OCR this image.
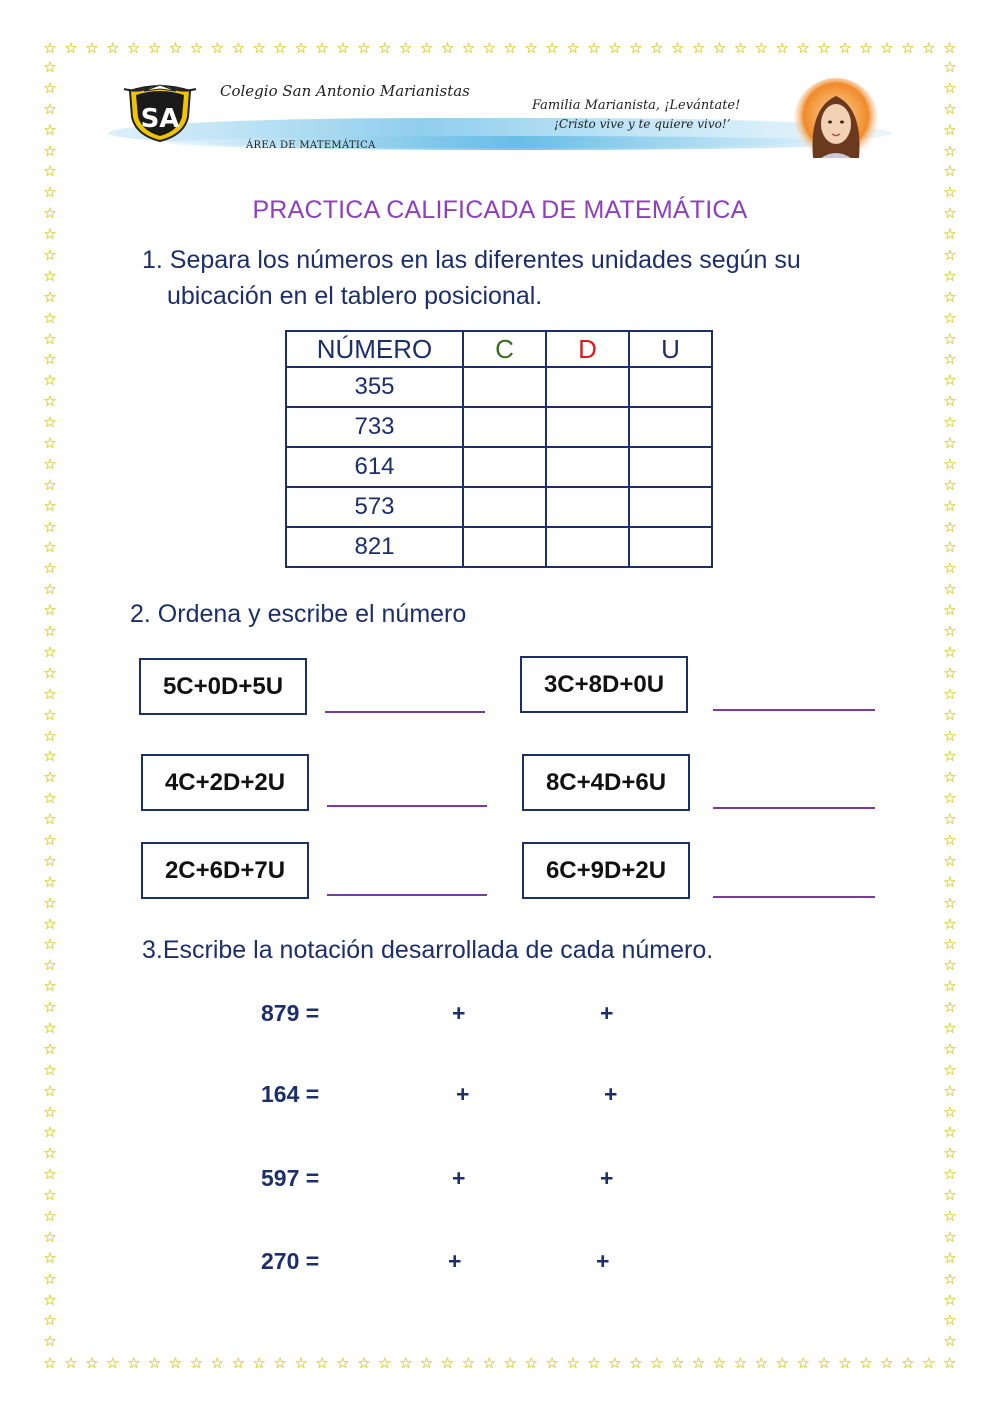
☆ ☆ ☆ ☆ ☆ ☆ ☆ ☆ ☆ ☆ ☆ ☆ ☆ ☆ ☆ ☆ ☆ ☆ ☆ ☆ ☆ ☆ ☆ ☆ ☆ ☆ ☆ ☆ ☆ ☆ ☆ ☆ ☆ ☆ ☆ ☆ ☆ ☆ ☆ ☆ ☆ ☆ ☆ ☆
☆ ☆ ☆ ☆ ☆ ☆ ☆ ☆ ☆ ☆ ☆ ☆ ☆ ☆ ☆ ☆ ☆ ☆ ☆ ☆ ☆ ☆ ☆ ☆ ☆ ☆ ☆ ☆ ☆ ☆ ☆ ☆ ☆ ☆ ☆ ☆ ☆ ☆ ☆ ☆ ☆ ☆ ☆ ☆
☆
☆
☆
☆
☆
☆
☆
☆
☆
☆
☆
☆
☆
☆
☆
☆
☆
☆
☆
☆
☆
☆
☆
☆
☆
☆
☆
☆
☆
☆
☆
☆
☆
☆
☆
☆
☆
☆
☆
☆
☆
☆
☆
☆
☆
☆
☆
☆
☆
☆
☆
☆
☆
☆
☆
☆
☆
☆
☆
☆
☆
☆
☆
☆
☆
☆
☆
☆
☆
☆
☆
☆
☆
☆
☆
☆
☆
☆
☆
☆
☆
☆
☆
☆
☆
☆
☆
☆
☆
☆
☆
☆
☆
☆
☆
☆
☆
☆
☆
☆
☆
☆
☆
☆
☆
☆
☆
☆
☆
☆
☆
☆
☆
☆
☆
☆
☆
☆
☆
☆
☆
☆
☆
☆
SA
Colegio San Antonio Marianistas
ÁREA DE MATEMÁTICA
Familia Marianista, ¡Levántate!
¡Cristo vive y te quiere vivo!’
PRACTICA CALIFICADA DE MATEMÁTICA
1. Separa los números en las diferentes unidades según su
ubicación en el tablero posicional.
NÚMERO	C	D	U
355			
733			
614			
573			
821			
2. Ordena y escribe el número
5C+0D+5U	3C+8D+0U
4C+2D+2U	8C+4D+6U
2C+6D+7U	6C+9D+2U
3.Escribe la notación desarrollada de cada número.
879 =	+	+
164 =	+	+
597 =	+	+
270 =	+	+
